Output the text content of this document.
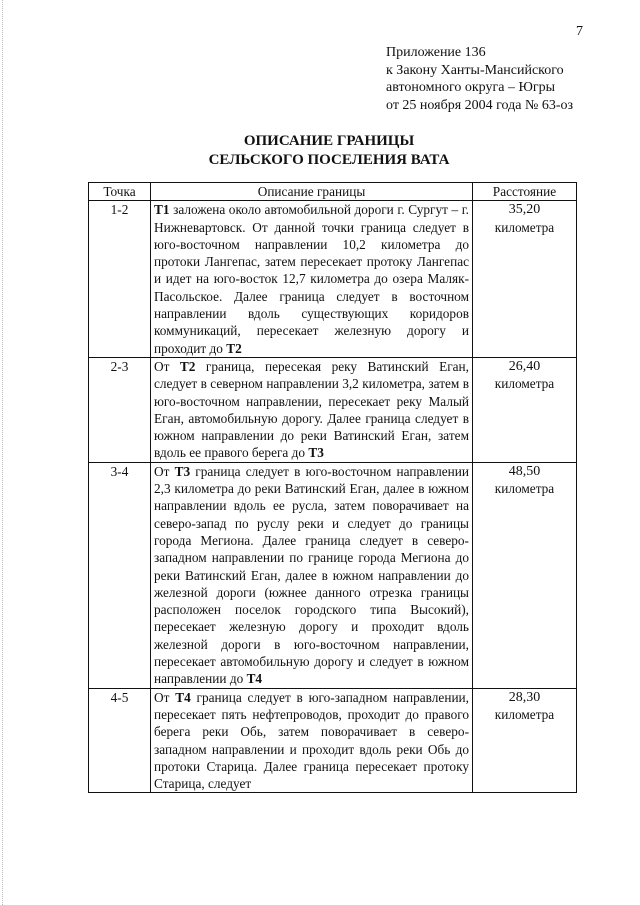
7
Приложение 136
к Закону Ханты-Мансийского
автономного округа – Югры
от 25 ноября 2004 года № 63-оз
ОПИСАНИЕ ГРАНИЦЫ
СЕЛЬСКОГО ПОСЕЛЕНИЯ ВАТА
Точка	Описание границы	Расстояние
1-2	Т1 заложена около автомобильной дороги г. Сургут – г. Нижневартовск. От данной точки граница следует в юго-восточном направлении 10,2 километра до протоки Лангепас, затем пересекает протоку Лангепас и идет на юго-восток 12,7 километра до озера Маляк-Пасольское. Далее граница следует в восточном направлении вдоль существующих коридоров коммуникаций, пересекает железную дорогу и проходит до Т2	35,20
километра

2-3	От Т2 граница, пересекая реку Ватинский Еган, следует в северном направлении 3,2 километра, затем в юго-восточном направлении, пересекает реку Малый Еган, автомобильную дорогу. Далее граница следует в южном направлении до реки Ватинский Еган, затем вдоль ее правого берега до Т3	26,40
километра

3-4	От Т3 граница следует в юго-восточном направлении 2,3 километра до реки Ватинский Еган, далее в южном направлении вдоль ее русла, затем поворачивает на северо-запад по руслу реки и следует до границы города Мегиона. Далее граница следует в северо-западном направлении по границе города Мегиона до реки Ватинский Еган, далее в южном направлении до железной дороги (южнее данного отрезка границы расположен поселок городского типа Высокий), пересекает железную дорогу и проходит вдоль железной дороги в юго-восточном направлении, пересекает автомобильную дорогу и следует в южном направлении до Т4	48,50
километра

4-5	От Т4 граница следует в юго-западном направлении, пересекает пять нефтепроводов, проходит до правого берега реки Обь, затем поворачивает в северо-западном направлении и проходит вдоль реки Обь до протоки Старица. Далее граница пересекает протоку Старица, следует	28,30
километра
